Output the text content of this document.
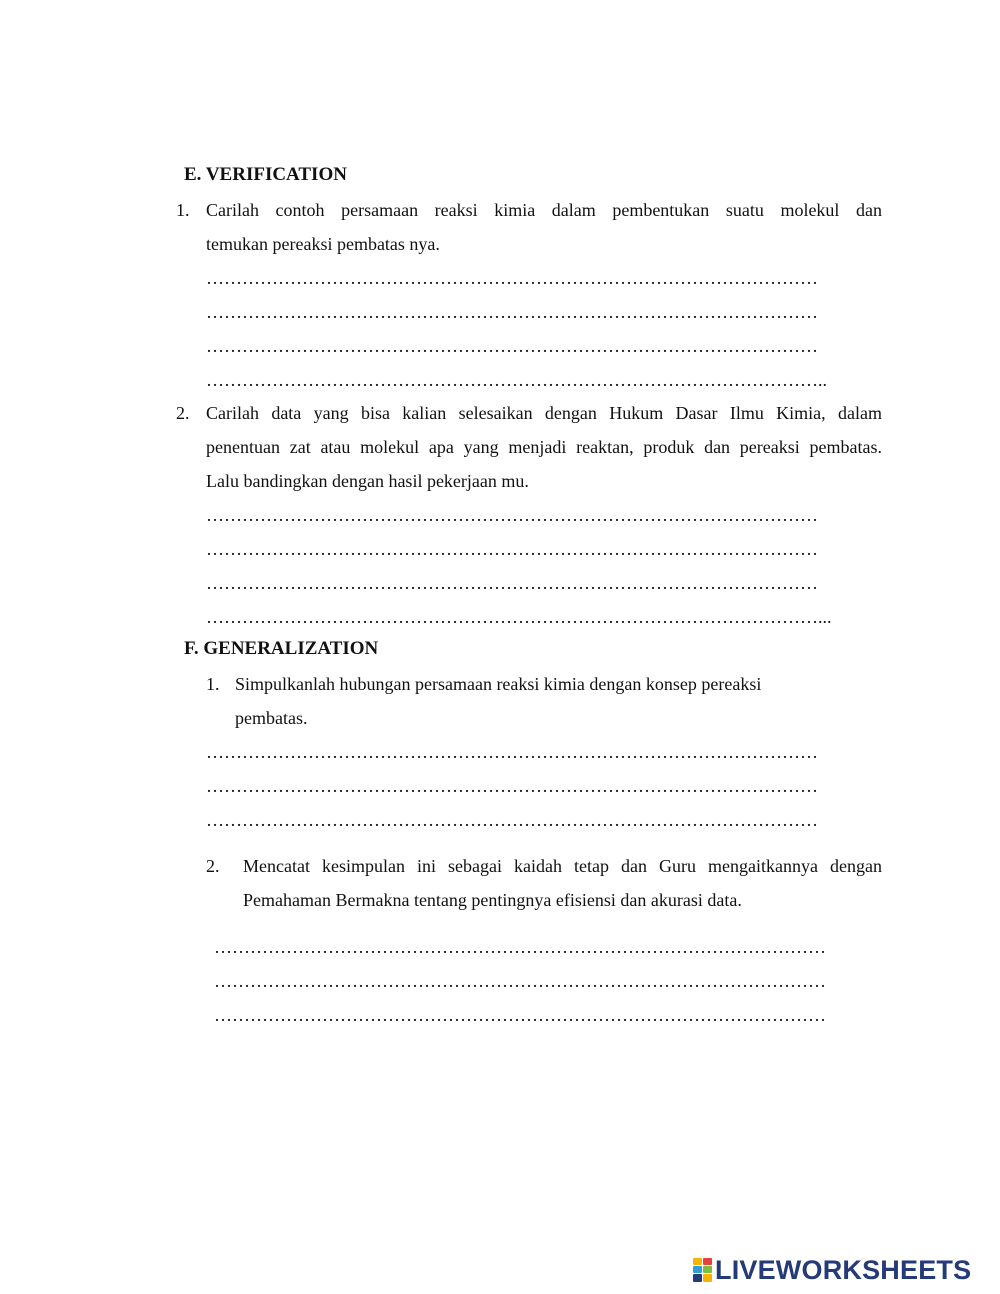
E. VERIFICATION
1. Carilah contoh persamaan reaksi kimia dalam pembentukan suatu molekul dan
temukan pereaksi pembatas nya.
…………………………………………………………………………………………
…………………………………………………………………………………………
…………………………………………………………………………………………
…………………………………………………………………………………………..
2. Carilah data yang bisa kalian selesaikan dengan Hukum Dasar Ilmu Kimia, dalam
penentuan zat atau molekul apa yang menjadi reaktan, produk dan pereaksi pembatas.
Lalu bandingkan dengan hasil pekerjaan mu.
…………………………………………………………………………………………
…………………………………………………………………………………………
…………………………………………………………………………………………
…………………………………………………………………………………………...
F. GENERALIZATION
1. Simpulkanlah hubungan persamaan reaksi kimia dengan konsep pereaksi
pembatas.
…………………………………………………………………………………………
…………………………………………………………………………………………
…………………………………………………………………………………………
2. Mencatat kesimpulan ini sebagai kaidah tetap dan Guru mengaitkannya dengan
Pemahaman Bermakna tentang pentingnya efisiensi dan akurasi data.
…………………………………………………………………………………………
…………………………………………………………………………………………
…………………………………………………………………………………………
LIVEWORKSHEETS
